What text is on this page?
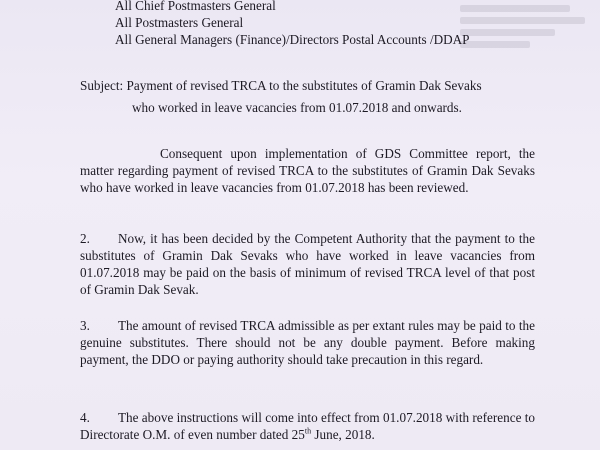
All Chief Postmasters General

All Postmasters General

All General Managers (Finance)/Directors Postal Accounts /DDAP

Subject: Payment of revised TRCA to the substitutes of Gramin Dak Sevaks
who worked in leave vacancies from 01.07.2018 and onwards.

Consequent upon implementation of GDS Committee report, the matter regarding payment of revised TRCA to the substitutes of Gramin Dak Sevaks who have worked in leave vacancies from 01.07.2018 has been reviewed.

2. Now, it has been decided by the Competent Authority that the payment to the substitutes of Gramin Dak Sevaks who have worked in leave vacancies from 01.07.2018 may be paid on the basis of minimum of revised TRCA level of that post of Gramin Dak Sevak.

3. The amount of revised TRCA admissible as per extant rules may be paid to the genuine substitutes. There should not be any double payment. Before making payment, the DDO or paying authority should take precaution in this regard.

4. The above instructions will come into effect from 01.07.2018 with reference to Directorate O.M. of even number dated 25th June, 2018.
